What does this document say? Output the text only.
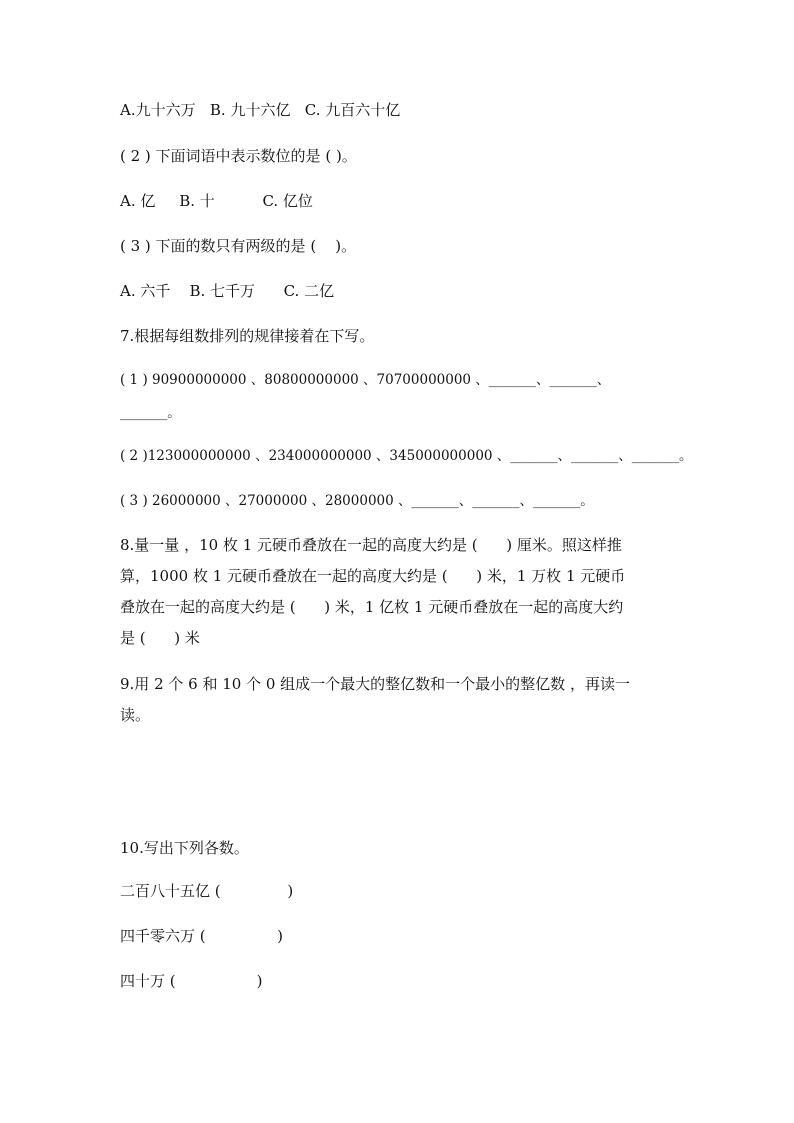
A.九十六万   B. 九十六亿   C. 九百六十亿
( 2 ) 下面词语中表示数位的是 ( )。
A. 亿     B. 十          C. 亿位
( 3 ) 下面的数只有两级的是 (    )。
A. 六千    B. 七千万      C. 二亿
7.根据每组数排列的规律接着在下写。
( 1 ) 90900000000 、80800000000 、70700000000 、_______、_______、
_______。
( 2 )123000000000 、234000000000 、345000000000 、_______、_______、_______。
( 3 ) 26000000 、27000000 、28000000 、_______、_______、_______。
8.量一量 ，10 枚 1 元硬币叠放在一起的高度大约是 (      ) 厘米。照这样推
算，1000 枚 1 元硬币叠放在一起的高度大约是 (      ) 米，1 万枚 1 元硬币
叠放在一起的高度大约是 (      ) 米，1 亿枚 1 元硬币叠放在一起的高度大约
是 (      ) 米
9.用 2 个 6 和 10 个 0 组成一个最大的整亿数和一个最小的整亿数 ，再读一
读。
10.写出下列各数。
二百八十五亿 (              )
四千零六万 (               )
四十万 (                 )
